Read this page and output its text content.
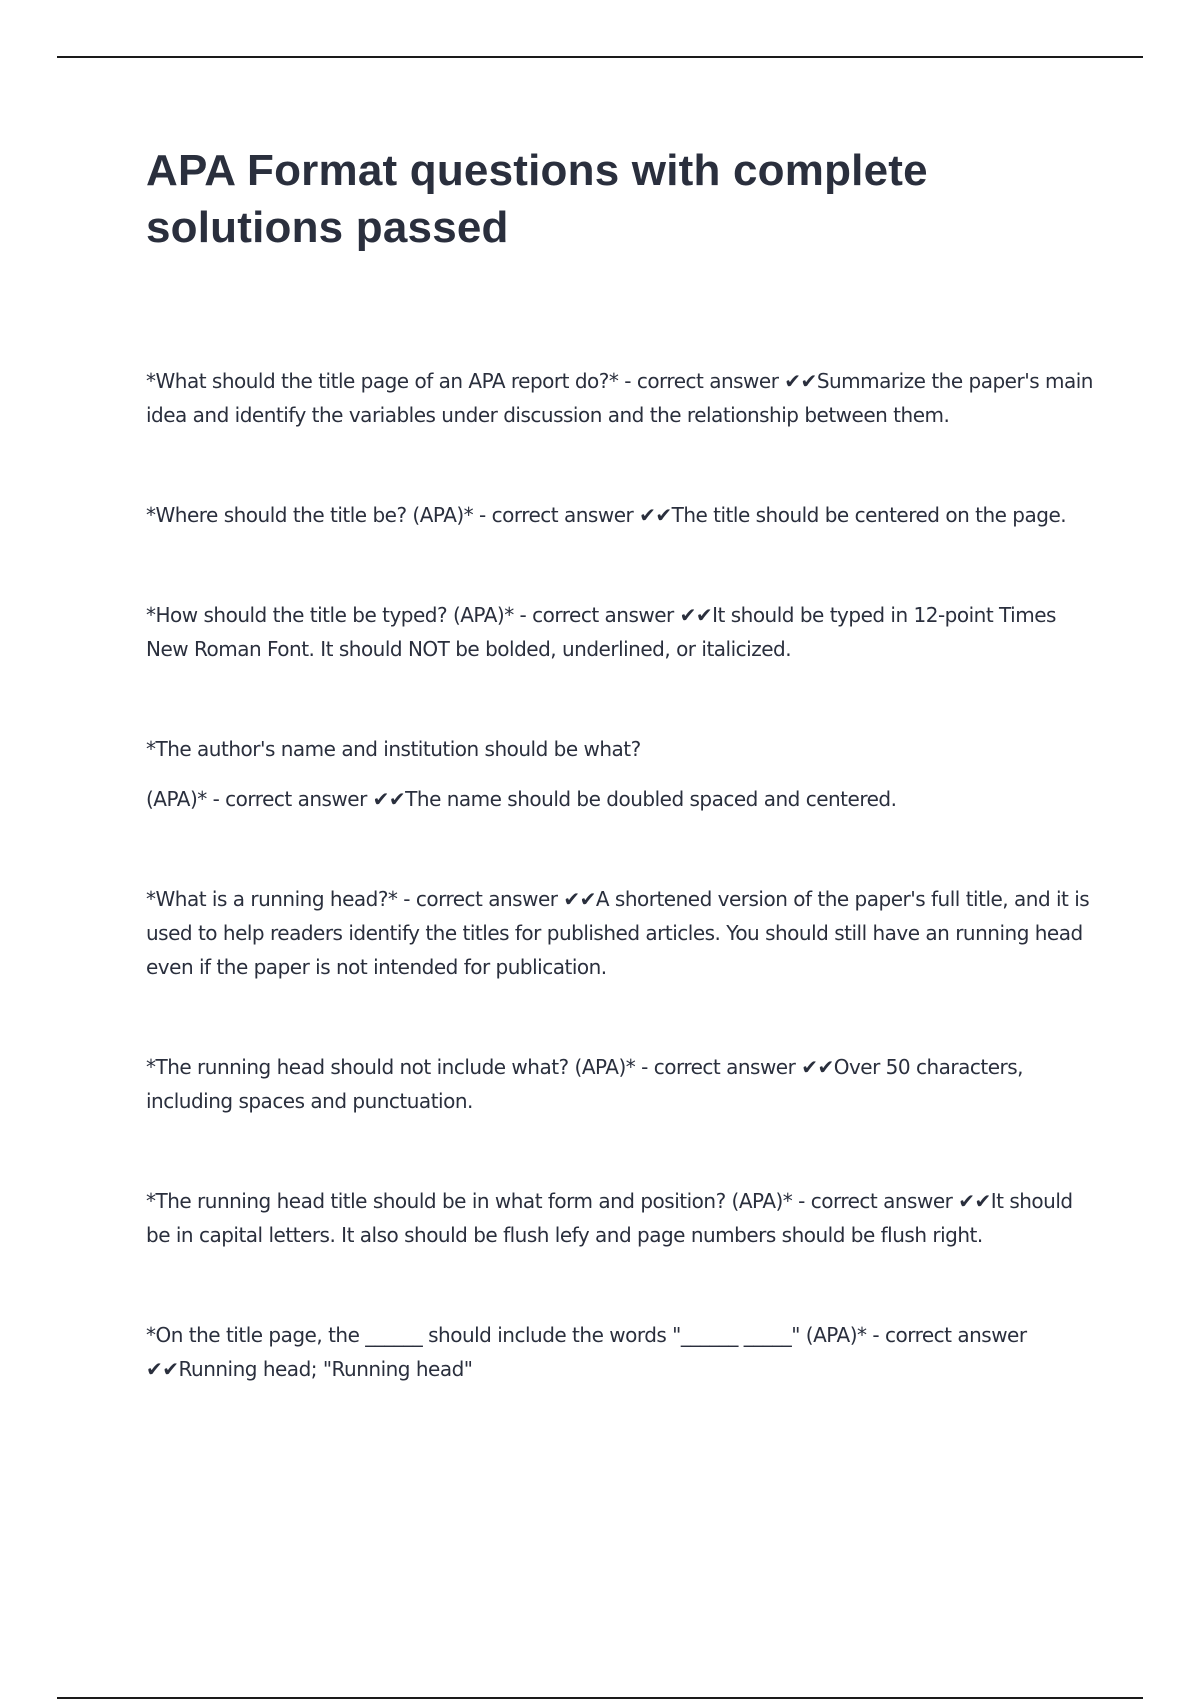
APA Format questions with complete solutions passed

*What should the title page of an APA report do?* - correct answer ✔✔Summarize the paper's main idea and identify the variables under discussion and the relationship between them.

*Where should the title be? (APA)* - correct answer ✔✔The title should be centered on the page.

*How should the title be typed? (APA)* - correct answer ✔✔It should be typed in 12-point Times New Roman Font. It should NOT be bolded, underlined, or italicized.

*The author's name and institution should be what?
(APA)* - correct answer ✔✔The name should be doubled spaced and centered.

*What is a running head?* - correct answer ✔✔A shortened version of the paper's full title, and it is used to help readers identify the titles for published articles. You should still have an running head even if the paper is not intended for publication.

*The running head should not include what? (APA)* - correct answer ✔✔Over 50 characters, including spaces and punctuation.

*The running head title should be in what form and position? (APA)* - correct answer ✔✔It should be in capital letters. It also should be flush lefy and page numbers should be flush right.

*On the title page, the ______ should include the words "______ _____" (APA)* - correct answer ✔✔Running head; "Running head"
